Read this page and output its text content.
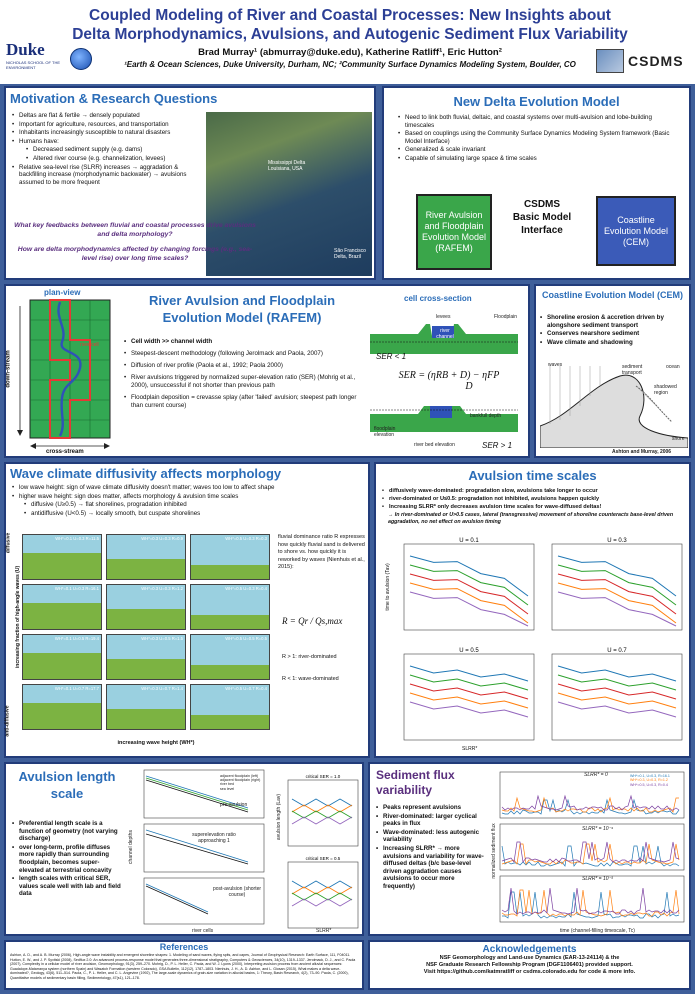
Duke
NICHOLAS SCHOOL OF THE ENVIRONMENT
Coupled Modeling of River and Coastal Processes: New Insights about
Delta Morphodynamics, Avulsions, and Autogenic Sediment Flux Variability
Brad Murray¹ (abmurray@duke.edu), Katherine Ratliff¹, Eric Hutton²
¹Earth & Ocean Sciences, Duke University, Durham, NC; ²Community Surface Dynamics Modeling System, Boulder, CO	CSDMS
Motivation & Research Questions
• Deltas are flat & fertile → densely populated
• Important for agriculture, resources, and transportation
• Inhabitants increasingly susceptible to natural disasters
• Humans have:
• Decreased sediment supply (e.g. dams)
• Altered river course (e.g. channelization, levees)
• Relative sea-level rise (SLRR) increases → aggradation & backfilling increase (morphodynamic backwater) → avulsions assumed to be more frequent
Mississippi Delta Louisiana, USA
São Francisco Delta, Brazil
What key feedbacks between fluvial and coastal processes drive avulsions and delta morphology?
How are delta morphodynamics affected by changing forcings (e.g., sea-level rise) over long time scales?
New Delta Evolution Model
• Need to link both fluvial, deltaic, and coastal systems over multi-avulsion and lobe-building timescales
• Based on couplings using the Community Surface Dynamics Modeling System framework (Basic Model Interface)
• Generalized & scale invariant
• Capable of simulating large space & time scales
River Avulsion and Floodplain Evolution Model (RAFEM)
CSDMS Basic Model Interface
Coastline Evolution Model (CEM)
plan-view
river cell
down-stream
cross-stream
River Avulsion and Floodplain Evolution Model (RAFEM)
• Cell width >> channel width
• Steepest-descent methodology (following Jerolmack and Paola, 2007)
• Diffusion of river profile (Paola et al., 1992; Paola 2000)
• River avulsions triggered by normalized super-elevation ratio (SER) (Mohrig et al., 2000), unsuccessful if not shorter than previous path
• Floodplain deposition = crevasse splay (after 'failed' avulsion; steepest path longer than current course)
cell cross-section
levees	Floodplain
river channel
SER < 1
SER = (ηRB + D) − ηFP
D
bankfull depth
floodplain elevation
river bed elevation	SER > 1
Coastline Evolution Model (CEM)
• Shoreline erosion & accretion driven by alongshore sediment transport
• Conserves nearshore sediment
• Wave climate and shadowing
waves	sediment transport
ocean
shadowed region
shore
Ashton and Murray, 2006
Wave climate diffusivity affects morphology
• low wave height: sign of wave climate diffusivity doesn't matter; waves too low to affect shape
• higher wave height: sign does matter, affects morphology & avulsion time scales
• diffusive (U≥0.5) → flat shorelines, progradation inhibited
• antidiffusive (U<0.5) → locally smooth, but cuspate shorelines
increasing fraction of high-angle waves (U)
diffusive
anti-diffusive
WH*=0.1 U=0.3 R=11.5	WH*=0.3 U=0.3 R=0.9	WH*=0.5 U=0.3 R=0.3
WH*=0.1 U=0.3 R=16.1	WH*=0.3 U=0.3 R=1.2	WH*=0.5 U=0.3 R=0.4
WH*=0.1 U=0.5 R=19.4	WH*=0.3 U=0.5 R=1.5	WH*=0.5 U=0.5 R=0.5
WH*=0.1 U=0.7 R=17.7	WH*=0.3 U=0.7 R=1.4	WH*=0.5 U=0.7 R=0.4
increasing wave height (WH*)
fluvial dominance ratio R expresses how quickly fluvial sand is delivered to shore vs. how quickly it is reworked by waves (Nienhuis et al., 2015):
R = Qr / Qs,max
R > 1: river-dominated
R < 1: wave-dominated
Avulsion time scales
• diffusively wave-dominated: progradation slow, avulsions take longer to occur
• river-dominated or U≤0.5: progradation not inhibited, avulsions happen quickly
• Increasing SLRR* only decreases avulsion time scales for wave-diffused deltas!
→ In river-dominated or U>0.5 cases, lateral (transgressive) movement of shoreline counteracts base-level driven aggradation, no net effect on avulsion timing
U = 0.1	U = 0.3
U = 0.5	U = 0.7
time to avulsion (Tav)
SLRR*
Avulsion length scale
• Preferential length scale is a function of geometry (not varying discharge)
• over long-term, profile diffuses more rapidly than surrounding floodplain, becomes super-elevated at terrestrial concavity
• length scales with critical SER, values scale well with lab and field data
pre-avulsion
superelevation ratio approaching 1
post-avulsion (shorter course)
adjacent floodplain (left)
adjacent floodplain (right)
river bed
sea level
river cells
channel depths
critical SER = 1.0
critical SER = 0.5
avulsion length (Lav)
SLRR*
Sediment flux variability
• Peaks represent avulsions
• River-dominated: larger cyclical peaks in flux
• Wave-dominated: less autogenic variability
• Increasing SLRR* → more avulsions and variability for wave-diffused deltas (b/c base-level driven aggradation causes avulsions to occur more frequently)
SLRR* = 0
SLRR* = 10⁻⁴
SLRR* = 10⁻³
WH*=0.1, U=0.3, R=16.1
WH*=0.3, U=0.3, R=1.2
WH*=0.5, U=0.3, R=0.4
time (channel-filling timescale, Tc)
normalized sediment flux
References
Ashton, A. D., and A. B. Murray (2006), High-angle wave instability and emergent shoreline shapes: 1. Modeling of sand waves, flying spits, and capes, Journal of Geophysical Research: Earth Surface, 111, F04011. Hutton, E. W., and J. P. Syvitski (2008), Sedflux 2.0: An advanced process-response model that generates three-dimensional stratigraphy, Computers & Geosciences, 34(10), 1319–1337. Jerolmack, D. J., and C. Paola (2007), Complexity in a cellular model of river avulsion, Geomorphology, 91(3), 259–270. Mohrig, D., P. L. Heller, C. Paola, and W. J. Lyons (2000), Interpreting avulsion process from ancient alluvial sequences: Guadalope-Matarranya system (northern Spain) and Wasatch Formation (western Colorado), GSA Bulletin, 112(12), 1787–1803. Nienhuis, J. H., A. D. Ashton, and L. Giosan (2015), What makes a delta wave-dominated?, Geology, 43(6), 511–514. Paola, C., P. L. Heller, and C. L. Angevine (1992), The large-scale dynamics of grain-size variation in alluvial basins, 1: Theory, Basin Research, 4(2), 73–90. Paola, C. (2000), Quantitative models of sedimentary basin filling, Sedimentology, 47(s1), 121–178.
Acknowledgements
NSF Geomorphology and Land-use Dynamics (EAR-13-24114) & the
NSF Graduate Research Fellowship Program (DGF1106401) provided support.
Visit https://github.com/katmratliff or csdms.colorado.edu for code & more info.
